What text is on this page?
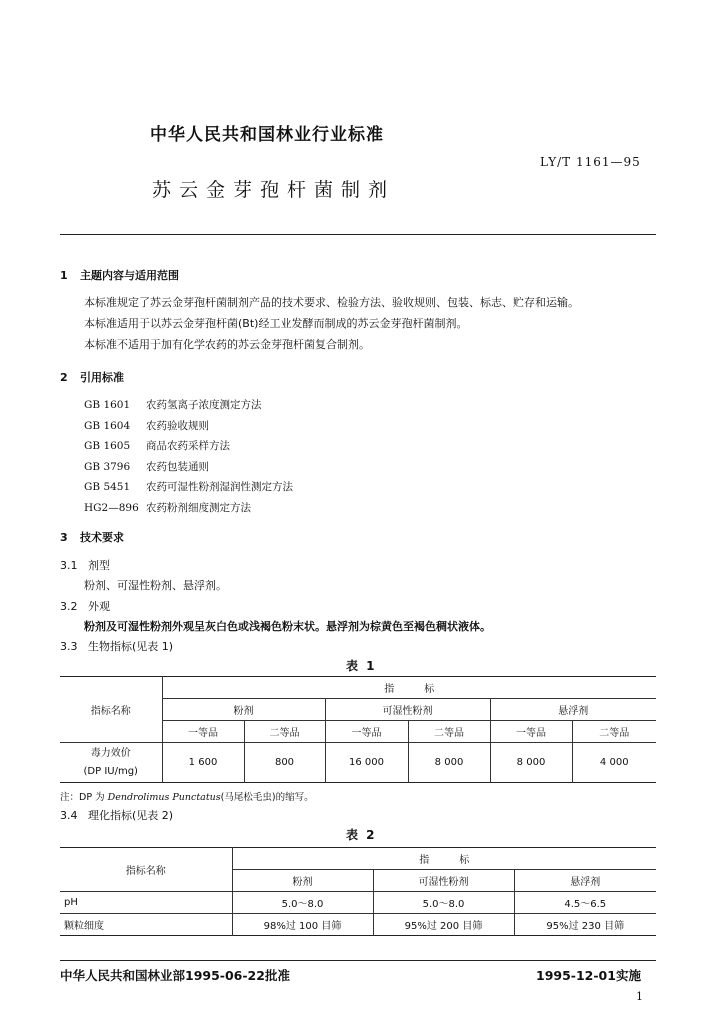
中华人民共和国林业行业标准
LY/T 1161—95
苏云金芽孢杆菌制剂
1 主题内容与适用范围
本标准规定了苏云金芽孢杆菌制剂产品的技术要求、检验方法、验收规则、包装、标志、贮存和运输。
本标准适用于以苏云金芽孢杆菌(Bt)经工业发酵而制成的苏云金芽孢杆菌制剂。
本标准不适用于加有化学农药的苏云金芽孢杆菌复合制剂。
2 引用标准
GB 1601 农药氢离子浓度测定方法
GB 1604 农药验收规则
GB 1605 商品农药采样方法
GB 3796 农药包装通则
GB 5451 农药可湿性粉剂湿润性测定方法
HG2—896 农药粉剂细度测定方法
3 技术要求
3.1 剂型
粉剂、可湿性粉剂、悬浮剂。
3.2 外观
粉剂及可湿性粉剂外观呈灰白色或浅褐色粉末状。悬浮剂为棕黄色至褐色稠状液体。
3.3 生物指标(见表 1)
表 1
指标名称	指　　　标					
	粉剂		可湿性粉剂		悬浮剂	
	一等品	二等品	一等品	二等品	一等品	二等品

毒力效价
(DP IU/mg)	1 600	800	16 000	8 000	8 000	4 000
注：DP 为 Dendrolimus Punctatus(马尾松毛虫)的缩写。
3.4 理化指标(见表 2)
表 2
指标名称	指　　　标		
	粉剂	可湿性粉剂	悬浮剂
pH	5.0～8.0	5.0～8.0	4.5～6.5
颗粒细度	98%过 100 目筛	95%过 200 目筛	95%过 230 目筛
中华人民共和国林业部1995-06-22批准	1995-12-01实施
1
